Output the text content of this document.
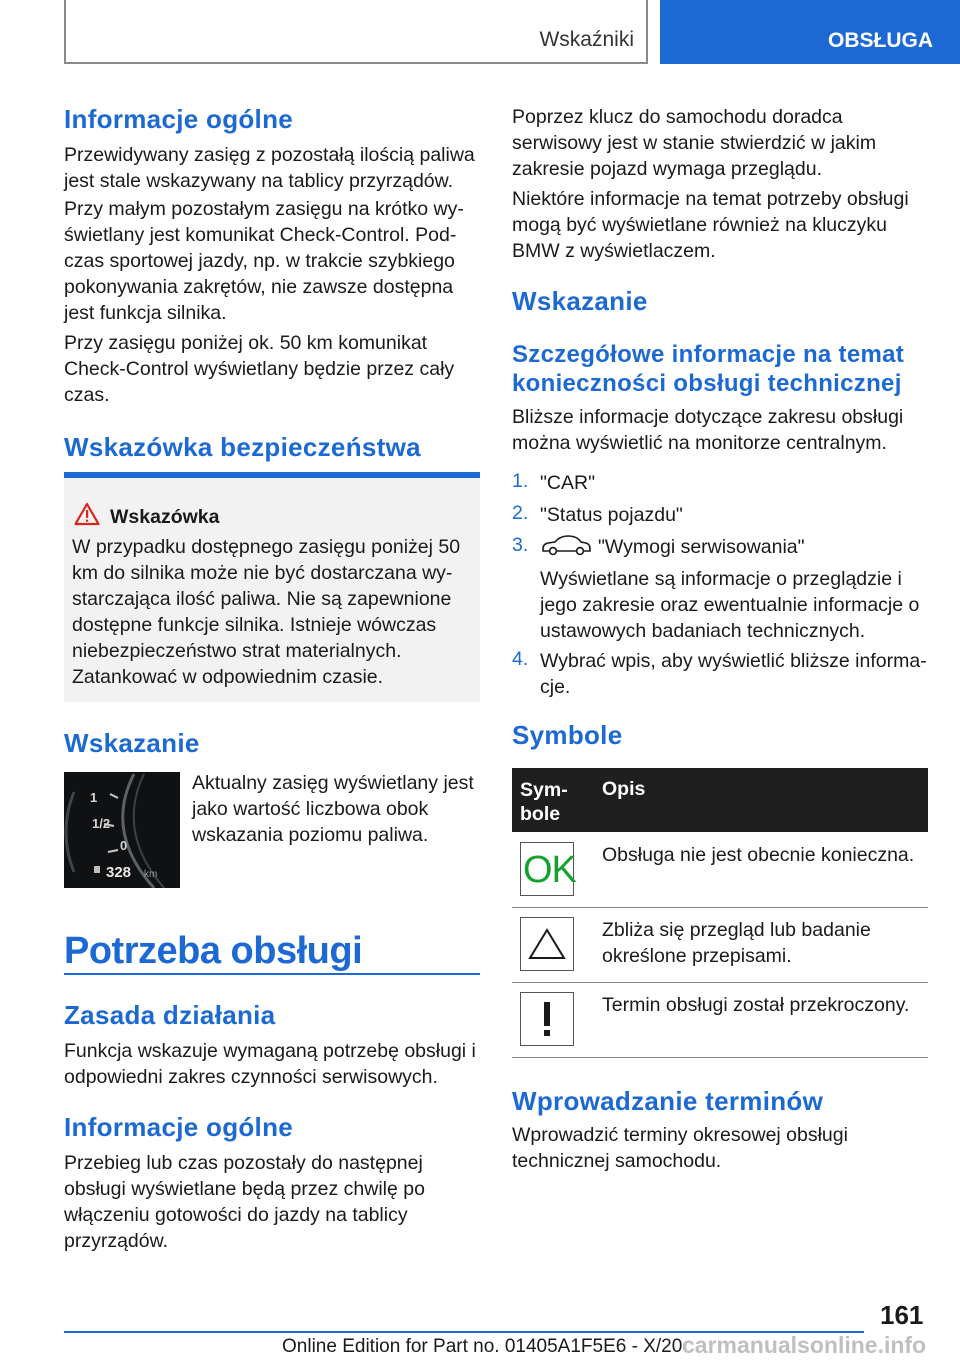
Wskaźniki	OBSŁUGA
Informacje ogólne

Przewidywany zasięg z pozostałą ilością paliwa jest stale wskazywany na tablicy przyrządów.

Przy małym pozostałym zasięgu na krótko wyświetlany jest komunikat Check-Control. Podczas sportowej jazdy, np. w trakcie szybkiego pokonywania zakrętów, nie zawsze dostępna jest funkcja silnika.

Przy zasięgu poniżej ok. 50 km komunikat Check-Control wyświetlany będzie przez cały czas.

Wskazówka bezpieczeństwa
Wskazówka
W przypadku dostępnego zasięgu poniżej 50 km do silnika może nie być dostarczana wystarczająca ilość paliwa. Nie są zapewnione dostępne funkcje silnika. Istnieje wówczas niebezpieczeństwo strat materialnych. Zatankować w odpowiednim czasie.
Wskazanie
1
1/2
0
328 km

Aktualny zasięg wyświetlany jest jako wartość liczbowa obok wskazania poziomu paliwa.

Potrzeba obsługi
Zasada działania

Funkcja wskazuje wymaganą potrzebę obsługi i odpowiedni zakres czynności serwisowych.

Informacje ogólne

Przebieg lub czas pozostały do następnej obsługi wyświetlane będą przez chwilę po włączeniu gotowości do jazdy na tablicy przyrządów.

Poprzez klucz do samochodu doradca serwisowy jest w stanie stwierdzić w jakim zakresie pojazd wymaga przeglądu.

Niektóre informacje na temat potrzeby obsługi mogą być wyświetlane również na kluczyku BMW z wyświetlaczem.

Wskazanie
Szczegółowe informacje na temat konieczności obsługi technicznej

Bliższe informacje dotyczące zakresu obsługi można wyświetlić na monitorze centralnym.

1. "CAR"
2. "Status pojazdu"
3.	"Wymogi serwisowania"

Wyświetlane są informacje o przeglądzie i jego zakresie oraz ewentualnie informacje o ustawowych badaniach technicznych.

4. Wybrać wpis, aby wyświetlić bliższe informacje.

Symbole
Symbole
Opis
OK Obsługa nie jest obecnie konieczna.

Zbliża się przegląd lub badanie określone przepisami.

Termin obsługi został przekroczony.

Wprowadzanie terminów

Wprowadzić terminy okresowej obsługi technicznej samochodu.

161
Online Edition for Part no. 01405A1F5E6 - X/20 carmanualsonline.info
